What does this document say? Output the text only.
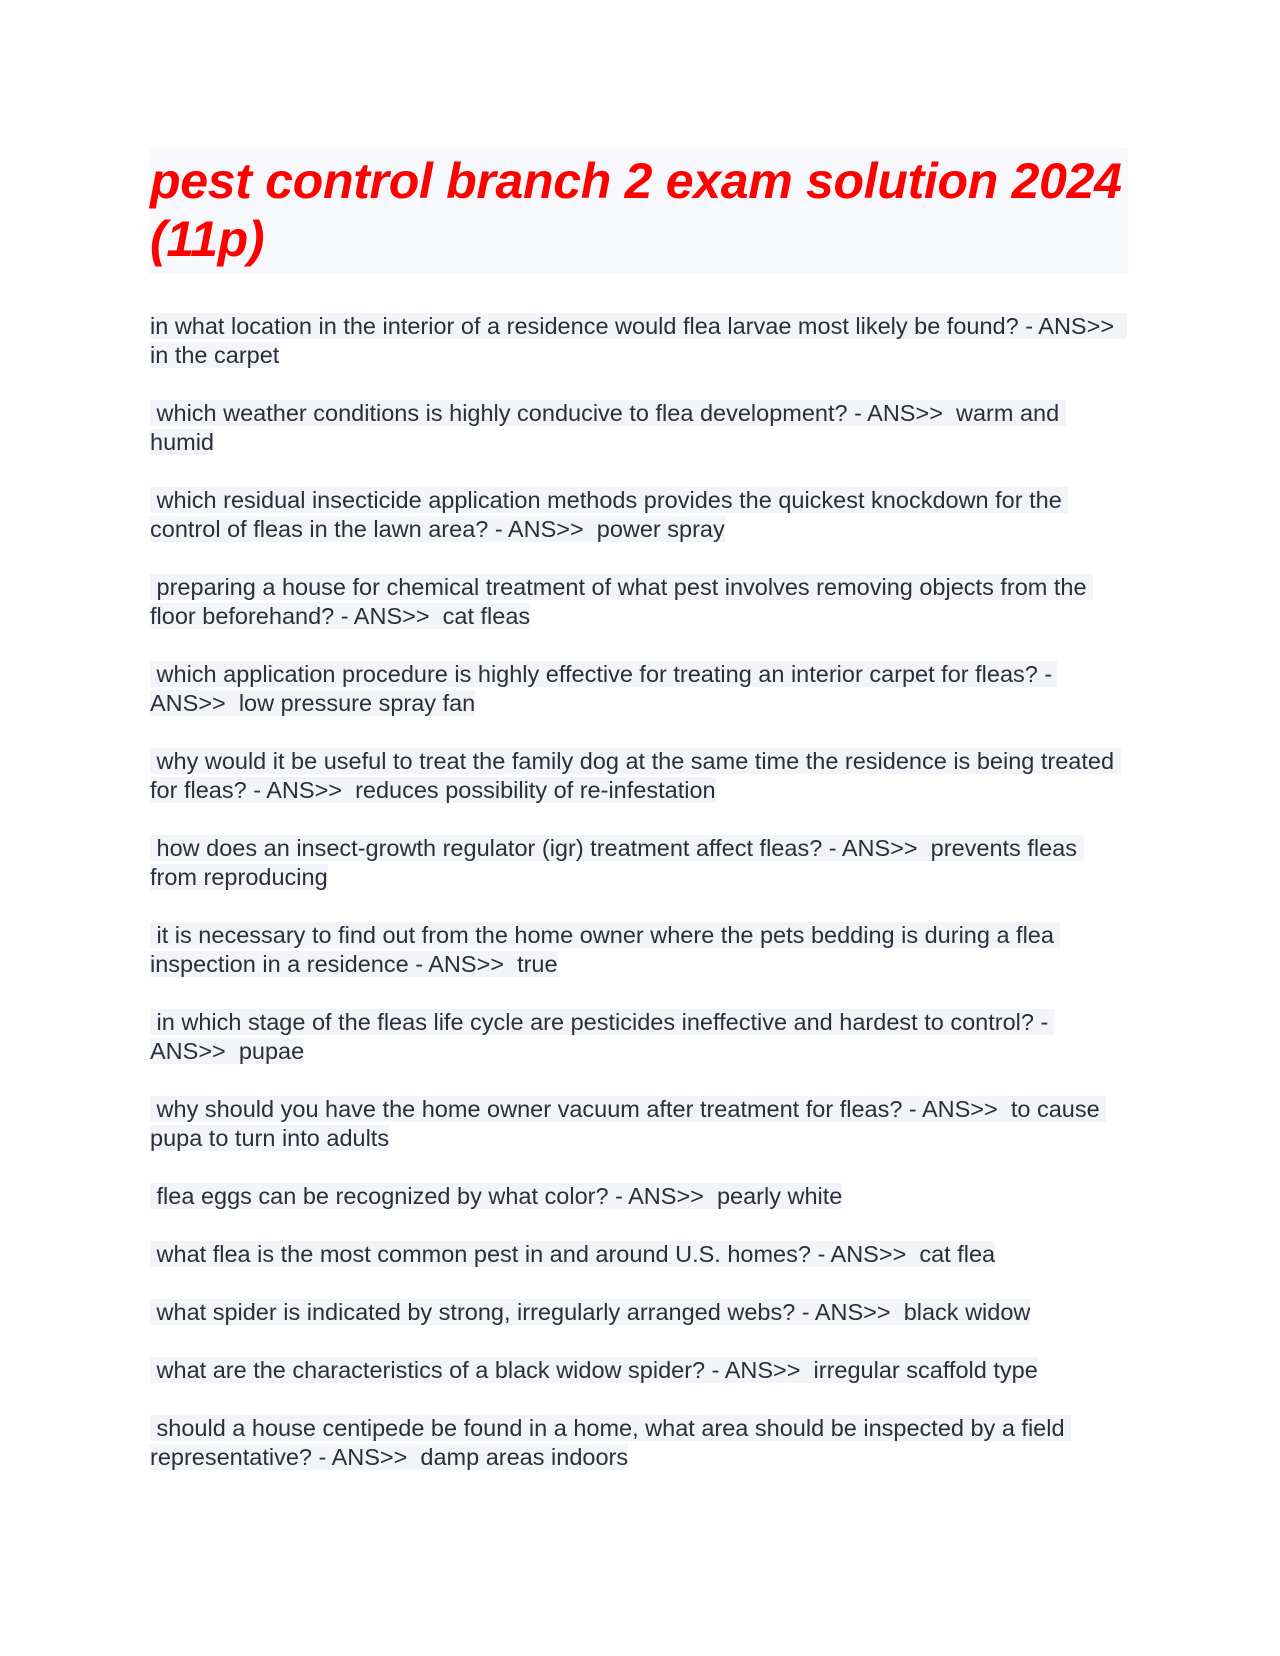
pest control branch 2 exam solution 2024 (11p)
in what location in the interior of a residence would flea larvae most likely be found? - ANS>>  in the carpet
which weather conditions is highly conducive to flea development? - ANS>>  warm and humid
which residual insecticide application methods provides the quickest knockdown for the control of fleas in the lawn area? - ANS>>  power spray
preparing a house for chemical treatment of what pest involves removing objects from the floor beforehand? - ANS>>  cat fleas
which application procedure is highly effective for treating an interior carpet for fleas? - ANS>>  low pressure spray fan
why would it be useful to treat the family dog at the same time the residence is being treated for fleas? - ANS>>  reduces possibility of re-infestation
how does an insect-growth regulator (igr) treatment affect fleas? - ANS>>  prevents fleas from reproducing
it is necessary to find out from the home owner where the pets bedding is during a flea inspection in a residence - ANS>>  true
in which stage of the fleas life cycle are pesticides ineffective and hardest to control? - ANS>>  pupae
why should you have the home owner vacuum after treatment for fleas? - ANS>>  to cause pupa to turn into adults
flea eggs can be recognized by what color? - ANS>>  pearly white
what flea is the most common pest in and around U.S. homes? - ANS>>  cat flea
what spider is indicated by strong, irregularly arranged webs? - ANS>>  black widow
what are the characteristics of a black widow spider? - ANS>>  irregular scaffold type
should a house centipede be found in a home, what area should be inspected by a field representative? - ANS>>  damp areas indoors
